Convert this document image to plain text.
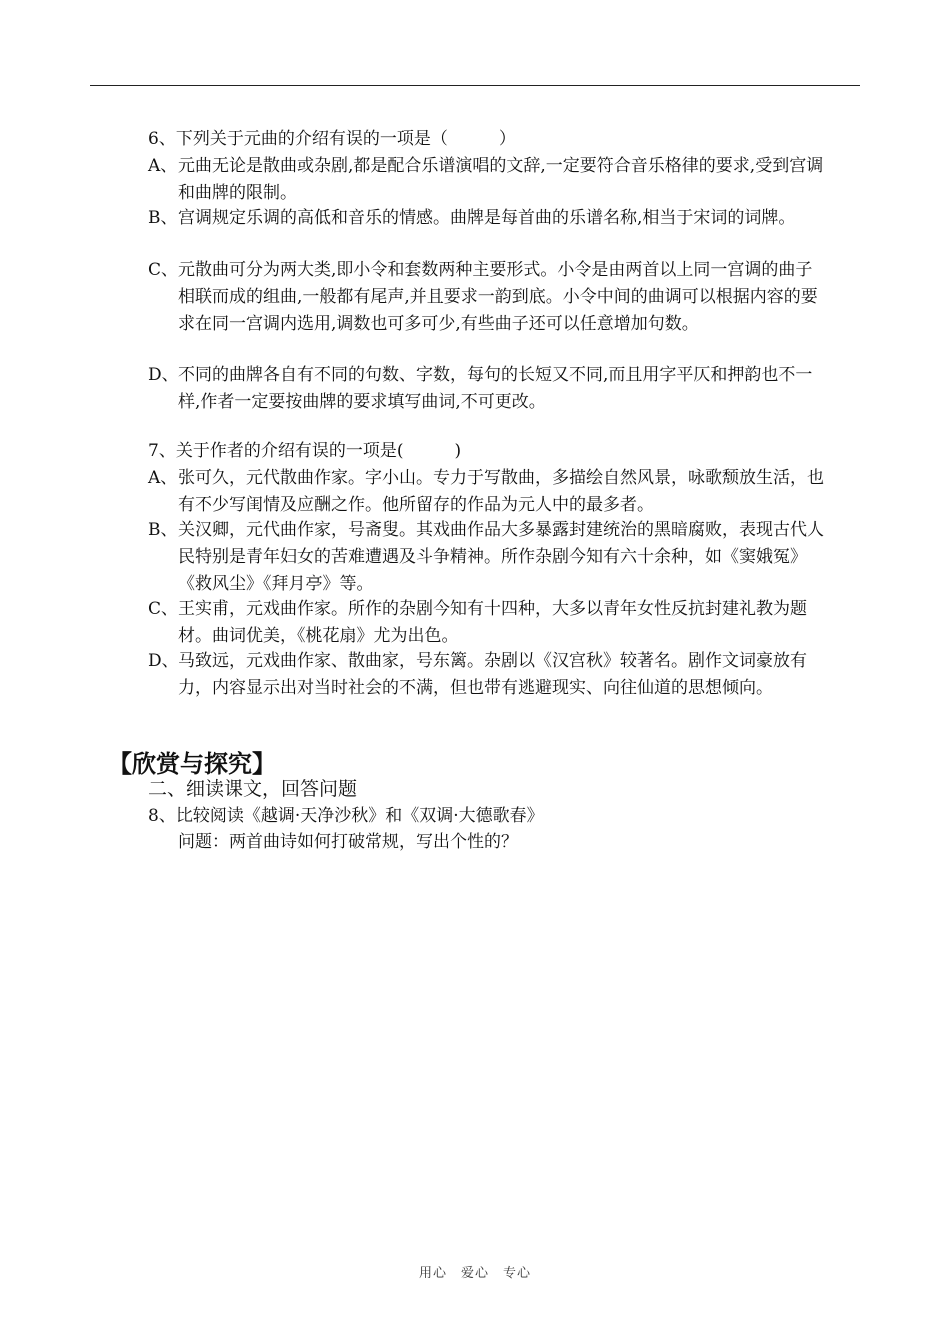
6、下列关于元曲的介绍有误的一项是（　　　）
A、 元曲无论是散曲或杂剧,都是配合乐谱演唱的文辞,一定要符合音乐格律的要求,受到宫调和曲牌的限制。
B、 宫调规定乐调的高低和音乐的情感。曲牌是每首曲的乐谱名称,相当于宋词的词牌。
C、 元散曲可分为两大类,即小令和套数两种主要形式。小令是由两首以上同一宫调的曲子相联而成的组曲,一般都有尾声,并且要求一韵到底。小令中间的曲调可以根据内容的要求在同一宫调内选用,调数也可多可少,有些曲子还可以任意增加句数。
D、 不同的曲牌各自有不同的句数、字数，每句的长短又不同,而且用字平仄和押韵也不一样,作者一定要按曲牌的要求填写曲词,不可更改。
7、关于作者的介绍有误的一项是(　　　)
A、 张可久，元代散曲作家。字小山。专力于写散曲，多描绘自然风景，咏歌颓放生活，也有不少写闺情及应酬之作。他所留存的作品为元人中的最多者。
B、 关汉卿，元代曲作家，号斋叟。其戏曲作品大多暴露封建统治的黑暗腐败，表现古代人民特别是青年妇女的苦难遭遇及斗争精神。所作杂剧今知有六十余种，如《窦娥冤》《救风尘》《拜月亭》等。
C、 王实甫，元戏曲作家。所作的杂剧今知有十四种，大多以青年女性反抗封建礼教为题材。曲词优美，《桃花扇》尤为出色。
D、 马致远，元戏曲作家、散曲家，号东篱。杂剧以《汉宫秋》较著名。剧作文词豪放有力，内容显示出对当时社会的不满，但也带有逃避现实、向往仙道的思想倾向。
【欣赏与探究】
二、细读课文，回答问题
8、比较阅读《越调·天净沙秋》和《双调·大德歌春》
问题：两首曲诗如何打破常规，写出个性的？
用心　爱心　专心
